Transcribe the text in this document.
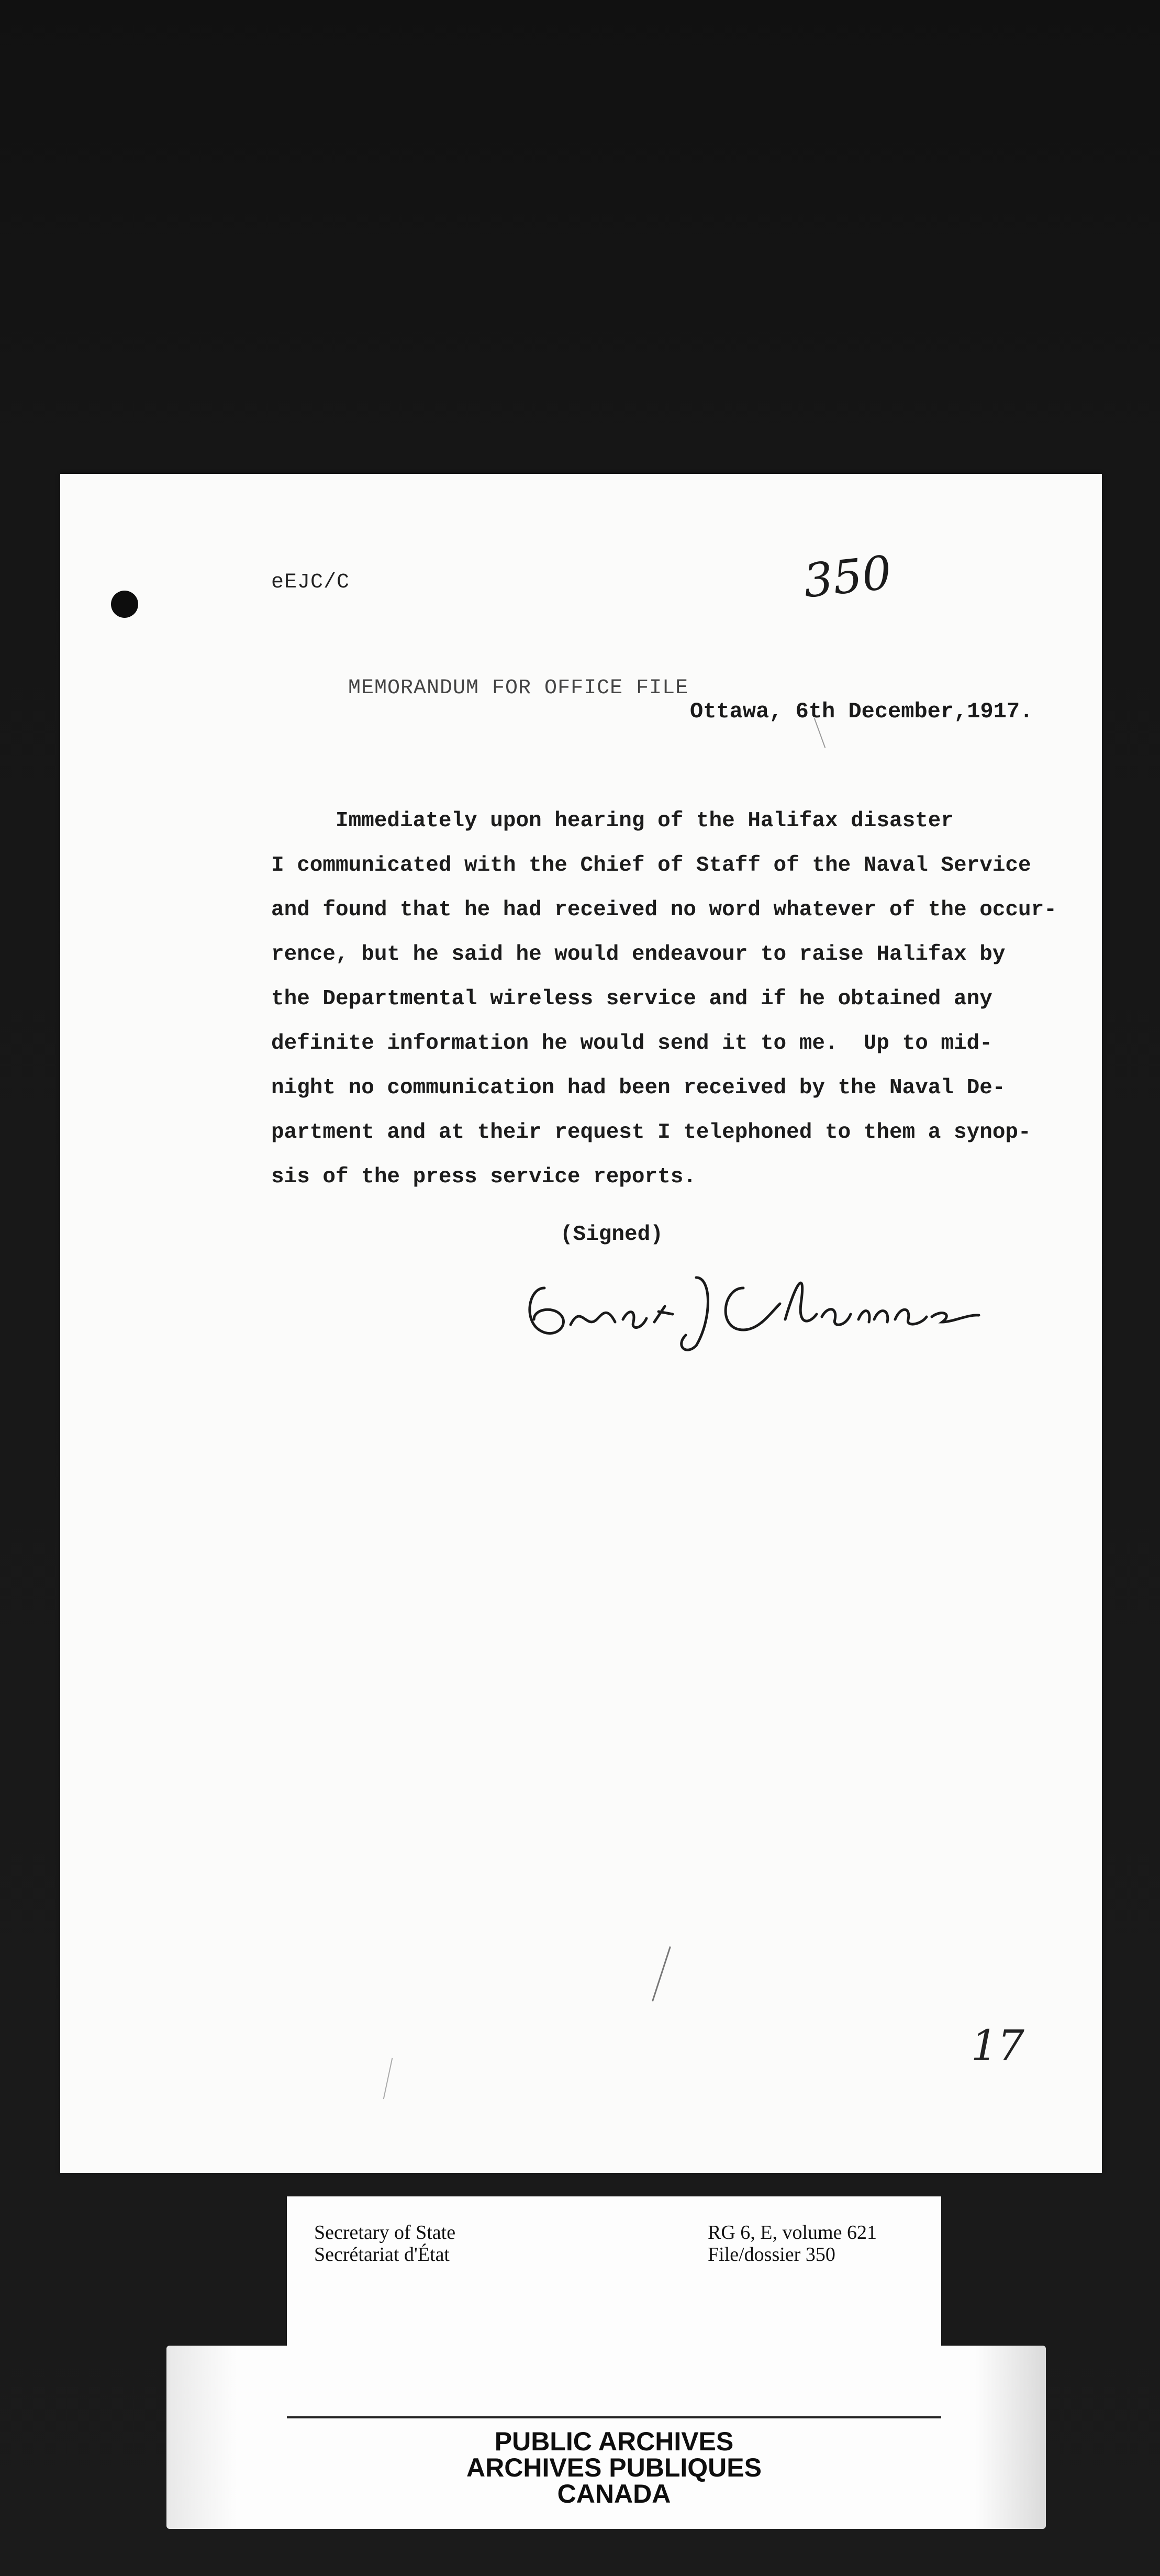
eEJC/C	350
MEMORANDUM FOR OFFICE FILE
Ottawa, 6th December,1917.
Immediately upon hearing of the Halifax disaster
I communicated with the Chief of Staff of the Naval Service
and found that he had received no word whatever of the occur-
rence, but he said he would endeavour to raise Halifax by
the Departmental wireless service and if he obtained any
definite information he would send it to me.  Up to mid-
night no communication had been received by the Naval De-
partment and at their request I telephoned to them a synop-
sis of the press service reports.
(Signed)
17
Secretary of State
Secrétariat d'État
RG 6, E, volume 621
File/dossier 350
PUBLIC ARCHIVES
ARCHIVES PUBLIQUES
CANADA
